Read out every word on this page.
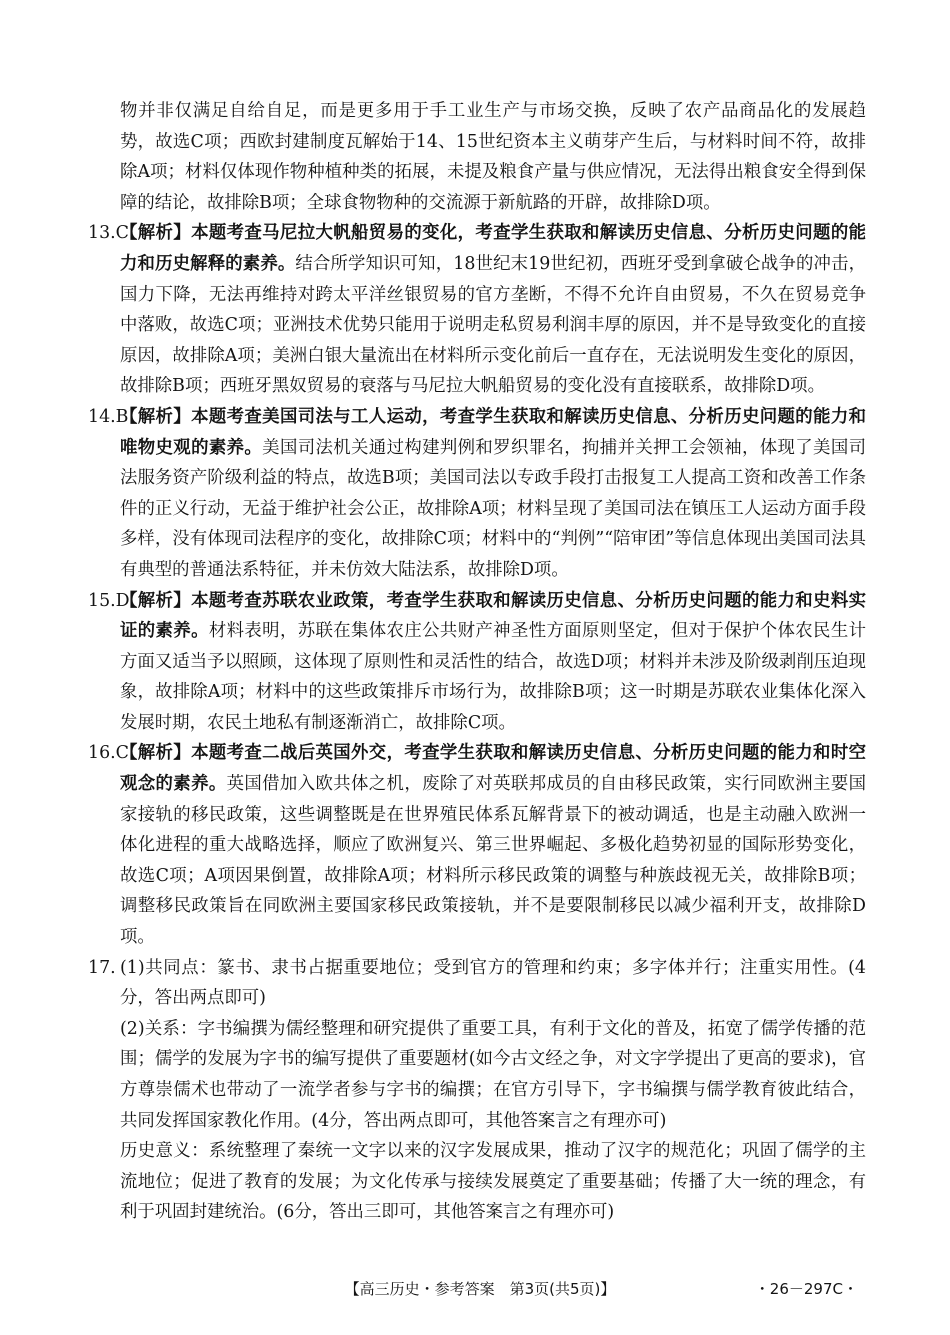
物并非仅满足自给自足，而是更多用于手工业生产与市场交换，反映了农产品商品化的发展趋势，故选C项；西欧封建制度瓦解始于14、15世纪资本主义萌芽产生后，与材料时间不符，故排除A项；材料仅体现作物种植种类的拓展，未提及粮食产量与供应情况，无法得出粮食安全得到保障的结论，故排除B项；全球食物物种的交流源于新航路的开辟，故排除D项。

13.C
【解析】本题考查马尼拉大帆船贸易的变化，考查学生获取和解读历史信息、分析历史问题的能力和历史解释的素养。结合所学知识可知，18世纪末19世纪初，西班牙受到拿破仑战争的冲击，国力下降，无法再维持对跨太平洋丝银贸易的官方垄断，不得不允许自由贸易，不久在贸易竞争中落败，故选C项；亚洲技术优势只能用于说明走私贸易利润丰厚的原因，并不是导致变化的直接原因，故排除A项；美洲白银大量流出在材料所示变化前后一直存在，无法说明发生变化的原因，故排除B项；西班牙黑奴贸易的衰落与马尼拉大帆船贸易的变化没有直接联系，故排除D项。
14.B
【解析】本题考查美国司法与工人运动，考查学生获取和解读历史信息、分析历史问题的能力和唯物史观的素养。美国司法机关通过构建判例和罗织罪名，拘捕并关押工会领袖，体现了美国司法服务资产阶级利益的特点，故选B项；美国司法以专政手段打击报复工人提高工资和改善工作条件的正义行动，无益于维护社会公正，故排除A项；材料呈现了美国司法在镇压工人运动方面手段多样，没有体现司法程序的变化，故排除C项；材料中的“判例”“陪审团”等信息体现出美国司法具有典型的普通法系特征，并未仿效大陆法系，故排除D项。
15.D
【解析】本题考查苏联农业政策，考查学生获取和解读历史信息、分析历史问题的能力和史料实证的素养。材料表明，苏联在集体农庄公共财产神圣性方面原则坚定，但对于保护个体农民生计方面又适当予以照顾，这体现了原则性和灵活性的结合，故选D项；材料并未涉及阶级剥削压迫现象，故排除A项；材料中的这些政策排斥市场行为，故排除B项；这一时期是苏联农业集体化深入发展时期，农民土地私有制逐渐消亡，故排除C项。
16.C
【解析】本题考查二战后英国外交，考查学生获取和解读历史信息、分析历史问题的能力和时空观念的素养。英国借加入欧共体之机，废除了对英联邦成员的自由移民政策，实行同欧洲主要国家接轨的移民政策，这些调整既是在世界殖民体系瓦解背景下的被动调适，也是主动融入欧洲一体化进程的重大战略选择，顺应了欧洲复兴、第三世界崛起、多极化趋势初显的国际形势变化，故选C项；A项因果倒置，故排除A项；材料所示移民政策的调整与种族歧视无关，故排除B项；调整移民政策旨在同欧洲主要国家移民政策接轨，并不是要限制移民以减少福利开支，故排除D项。
17. (1)共同点：篆书、隶书占据重要地位；受到官方的管理和约束；多字体并行；注重实用性。(4分，答出两点即可)

(2)关系：字书编撰为儒经整理和研究提供了重要工具，有利于文化的普及，拓宽了儒学传播的范围；儒学的发展为字书的编写提供了重要题材(如今古文经之争，对文字学提出了更高的要求)，官方尊崇儒术也带动了一流学者参与字书的编撰；在官方引导下，字书编撰与儒学教育彼此结合，共同发挥国家教化作用。(4分，答出两点即可，其他答案言之有理亦可)

历史意义：系统整理了秦统一文字以来的汉字发展成果，推动了汉字的规范化；巩固了儒学的主流地位；促进了教育的发展；为文化传承与接续发展奠定了重要基础；传播了大一统的理念，有利于巩固封建统治。(6分，答出三即可，其他答案言之有理亦可)

【高三历史・参考答案　第3页(共5页)】	・26－297C・
